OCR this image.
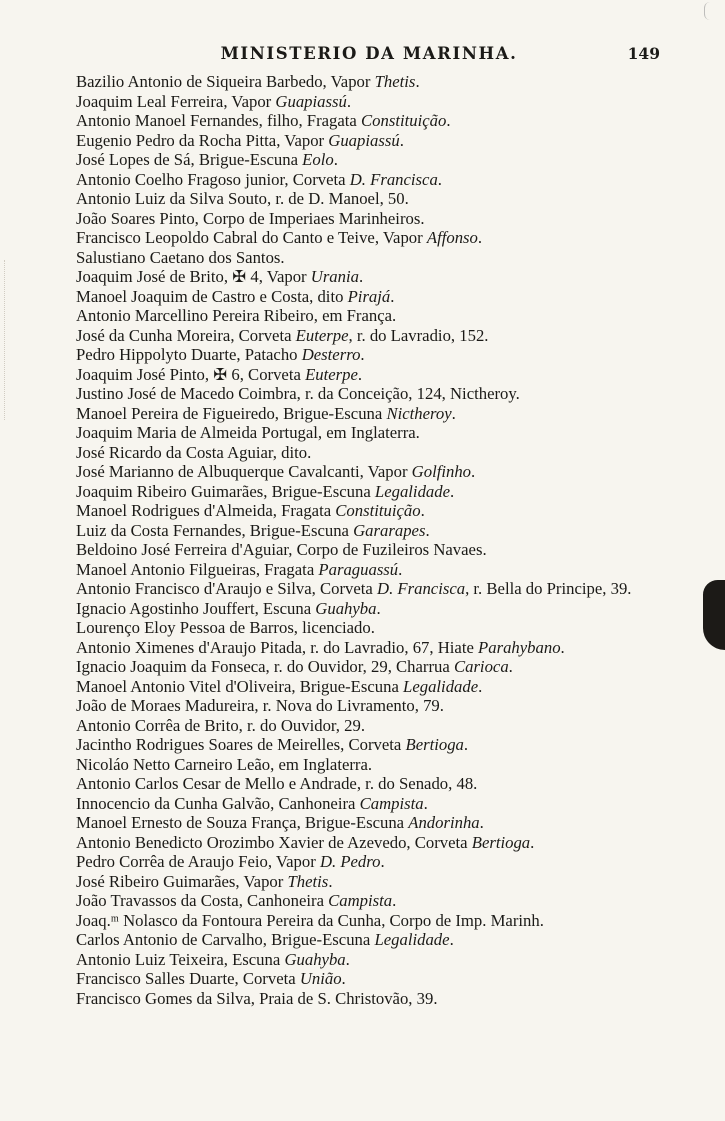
MINISTERIO DA MARINHA.	149
Bazilio Antonio de Siqueira Barbedo, Vapor Thetis.
Joaquim Leal Ferreira, Vapor Guapiassú.
Antonio Manoel Fernandes, filho, Fragata Constituição.
Eugenio Pedro da Rocha Pitta, Vapor Guapiassú.
José Lopes de Sá, Brigue-Escuna Eolo.
Antonio Coelho Fragoso junior, Corveta D. Francisca.
Antonio Luiz da Silva Souto, r. de D. Manoel, 50.
João Soares Pinto, Corpo de Imperiaes Marinheiros.
Francisco Leopoldo Cabral do Canto e Teive, Vapor Affonso.
Salustiano Caetano dos Santos.
Joaquim José de Brito, ✠ 4, Vapor Urania.
Manoel Joaquim de Castro e Costa, dito Pirajá.
Antonio Marcellino Pereira Ribeiro, em França.
José da Cunha Moreira, Corveta Euterpe, r. do Lavradio, 152.
Pedro Hippolyto Duarte, Patacho Desterro.
Joaquim José Pinto, ✠ 6, Corveta Euterpe.
Justino José de Macedo Coimbra, r. da Conceição, 124, Nictheroy.
Manoel Pereira de Figueiredo, Brigue-Escuna Nictheroy.
Joaquim Maria de Almeida Portugal, em Inglaterra.
José Ricardo da Costa Aguiar, dito.
José Marianno de Albuquerque Cavalcanti, Vapor Golfinho.
Joaquim Ribeiro Guimarães, Brigue-Escuna Legalidade.
Manoel Rodrigues d'Almeida, Fragata Constituição.
Luiz da Costa Fernandes, Brigue-Escuna Gararapes.
Beldoino José Ferreira d'Aguiar, Corpo de Fuzileiros Navaes.
Manoel Antonio Filgueiras, Fragata Paraguassú.
Antonio Francisco d'Araujo e Silva, Corveta D. Francisca, r. Bella do Principe, 39.
Ignacio Agostinho Jouffert, Escuna Guahyba.
Lourenço Eloy Pessoa de Barros, licenciado.
Antonio Ximenes d'Araujo Pitada, r. do Lavradio, 67, Hiate Parahybano.
Ignacio Joaquim da Fonseca, r. do Ouvidor, 29, Charrua Carioca.
Manoel Antonio Vitel d'Oliveira, Brigue-Escuna Legalidade.
João de Moraes Madureira, r. Nova do Livramento, 79.
Antonio Corrêa de Brito, r. do Ouvidor, 29.
Jacintho Rodrigues Soares de Meirelles, Corveta Bertioga.
Nicoláo Netto Carneiro Leão, em Inglaterra.
Antonio Carlos Cesar de Mello e Andrade, r. do Senado, 48.
Innocencio da Cunha Galvão, Canhoneira Campista.
Manoel Ernesto de Souza França, Brigue-Escuna Andorinha.
Antonio Benedicto Orozimbo Xavier de Azevedo, Corveta Bertioga.
Pedro Corrêa de Araujo Feio, Vapor D. Pedro.
José Ribeiro Guimarães, Vapor Thetis.
João Travassos da Costa, Canhoneira Campista.
Joaq.ᵐ Nolasco da Fontoura Pereira da Cunha, Corpo de Imp. Marinh.
Carlos Antonio de Carvalho, Brigue-Escuna Legalidade.
Antonio Luiz Teixeira, Escuna Guahyba.
Francisco Salles Duarte, Corveta União.
Francisco Gomes da Silva, Praia de S. Christovão, 39.
